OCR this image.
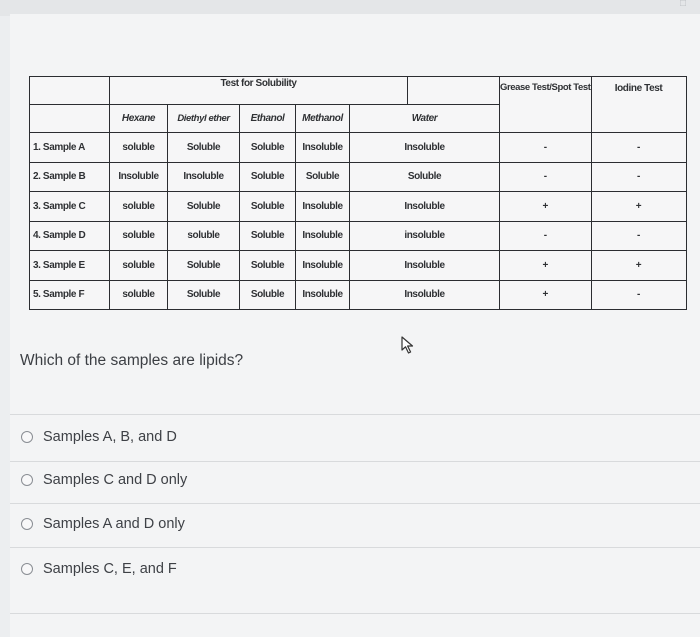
□
	Test for Solubility						Grease Test/Spot Test	Iodine Test
	Hexane	Diethyl ether	Ethanol	Methanol	Water			
1. Sample A	soluble	Soluble	Soluble	Insoluble	Insoluble		-	-
2. Sample B	Insoluble	Insoluble	Soluble	Soluble	Soluble		-	-
3. Sample C	soluble	Soluble	Soluble	Insoluble	Insoluble		+	+
4. Sample D	soluble	soluble	Soluble	Insoluble	insoluble		-	-
3. Sample E	soluble	Soluble	Soluble	Insoluble	Insoluble		+	+
5. Sample F	soluble	Soluble	Soluble	Insoluble	Insoluble		+	-
Which of the samples are lipids?
Samples A, B, and D
Samples C and D only
Samples A and D only
Samples C, E, and F
